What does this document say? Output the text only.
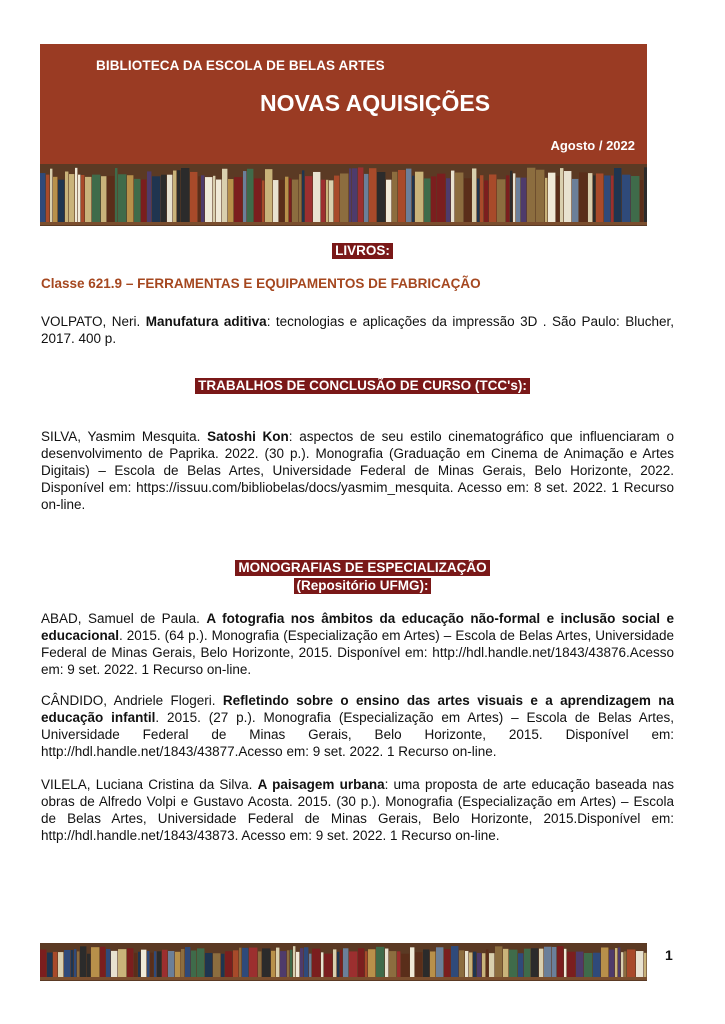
BIBLIOTECA DA ESCOLA DE BELAS ARTES
NOVAS AQUISIÇÕES
Agosto / 2022
LIVROS:
Classe 621.9 – FERRAMENTAS E EQUIPAMENTOS DE FABRICAÇÃO

VOLPATO, Neri. Manufatura aditiva: tecnologias e aplicações da impressão 3D . São Paulo: Blucher, 2017. 400 p.

TRABALHOS DE CONCLUSÃO DE CURSO (TCC's):

SILVA, Yasmim Mesquita. Satoshi Kon: aspectos de seu estilo cinematográfico que influenciaram o desenvolvimento de Paprika. 2022. (30 p.). Monografia (Graduação em Cinema de Animação e Artes Digitais) – Escola de Belas Artes, Universidade Federal de Minas Gerais, Belo Horizonte, 2022. Disponível em: https://issuu.com/bibliobelas/docs/yasmim_mesquita. Acesso em: 8 set. 2022. 1 Recurso on-line.

MONOGRAFIAS DE ESPECIALIZAÇÃO
(Repositório UFMG):

ABAD, Samuel de Paula. A fotografia nos âmbitos da educação não-formal e inclusão social e educacional. 2015. (64 p.). Monografia (Especialização em Artes) – Escola de Belas Artes, Universidade Federal de Minas Gerais, Belo Horizonte, 2015. Disponível em: http://hdl.handle.net/1843/43876.Acesso em: 9 set. 2022. 1 Recurso on-line.

CÂNDIDO, Andriele Flogeri. Refletindo sobre o ensino das artes visuais e a aprendizagem na educação infantil. 2015. (27 p.). Monografia (Especialização em Artes) – Escola de Belas Artes, Universidade Federal de Minas Gerais, Belo Horizonte, 2015. Disponível em: http://hdl.handle.net/1843/43877.Acesso em: 9 set. 2022. 1 Recurso on-line.

VILELA, Luciana Cristina da Silva. A paisagem urbana: uma proposta de arte educação baseada nas obras de Alfredo Volpi e Gustavo Acosta. 2015. (30 p.). Monografia (Especialização em Artes) – Escola de Belas Artes, Universidade Federal de Minas Gerais, Belo Horizonte, 2015.Disponível em: http://hdl.handle.net/1843/43873. Acesso em: 9 set. 2022. 1 Recurso on-line.

1
